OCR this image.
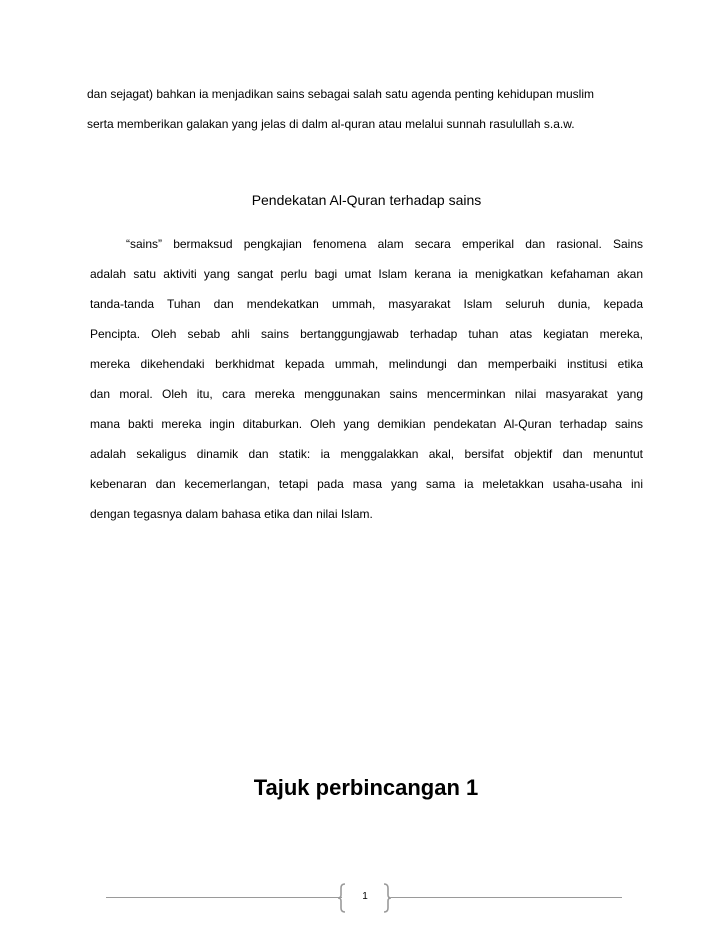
dan sejagat) bahkan ia menjadikan sains sebagai salah satu agenda penting kehidupan muslim
serta memberikan galakan yang jelas di dalm al-quran atau melalui sunnah rasulullah s.a.w.
Pendekatan Al-Quran terhadap sains
“sains” bermaksud pengkajian fenomena alam secara emperikal dan rasional. Sains
adalah satu aktiviti yang sangat perlu bagi umat Islam kerana ia menigkatkan kefahaman akan
tanda-tanda Tuhan dan mendekatkan ummah, masyarakat Islam seluruh dunia, kepada
Pencipta. Oleh sebab ahli sains bertanggungjawab terhadap tuhan atas kegiatan mereka,
mereka dikehendaki berkhidmat kepada ummah, melindungi dan memperbaiki institusi etika
dan moral. Oleh itu, cara mereka menggunakan sains mencerminkan nilai masyarakat yang
mana bakti mereka ingin ditaburkan. Oleh yang demikian pendekatan Al-Quran terhadap sains
adalah sekaligus dinamik dan statik: ia menggalakkan akal, bersifat objektif dan menuntut
kebenaran dan kecemerlangan, tetapi pada masa yang sama ia meletakkan usaha-usaha ini
dengan tegasnya dalam bahasa etika dan nilai Islam.
Tajuk perbincangan 1
1
